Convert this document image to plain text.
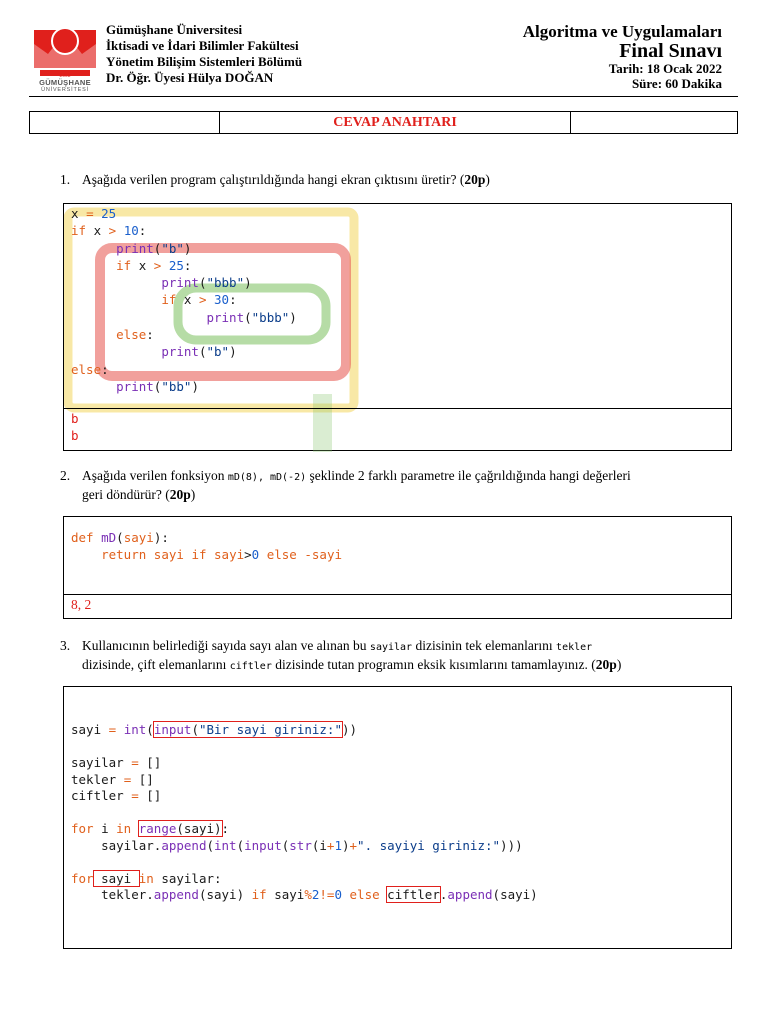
2008
GÜMÜŞHANE
ÜNİVERSİTESİ
Gümüşhane Üniversitesi
İktisadi ve İdari Bilimler Fakültesi
Yönetim Bilişim Sistemleri Bölümü
Dr. Öğr. Üyesi Hülya DOĞAN
Algoritma ve Uygulamaları
Final Sınavı
Tarih: 18 Ocak 2022
Süre: 60 Dakika
CEVAP ANAHTARI
1. Aşağıda verilen program çalıştırıldığında hangi ekran çıktısını üretir? (20p)
x = 25
if x > 10:
print("b")
if x > 25:
print("bbb")
if x > 30:
print("bbb")
else:
print("b")
else:
print("bb")
b
b
2. Aşağıda verilen fonksiyon mD(8), mD(-2) şeklinde 2 farklı parametre ile çağrıldığında hangi değerleri
geri döndürür? (20p)
def mD(sayi):
return sayi if sayi>0 else -sayi
8, 2
3. Kullanıcının belirlediği sayıda sayı alan ve alınan bu sayilar dizisinin tek elemanlarını tekler
dizisinde, çift elemanlarını ciftler dizisinde tutan programın eksik kısımlarını tamamlayınız. (20p)
sayi = int(input("Bir sayi giriniz:"))

sayilar = []
tekler = []
ciftler = []

for i in range(sayi):
sayilar.append(int(input(str(i+1)+". sayiyi giriniz:")))

for sayi in sayilar:
tekler.append(sayi) if sayi%2!=0 else ciftler.append(sayi)
